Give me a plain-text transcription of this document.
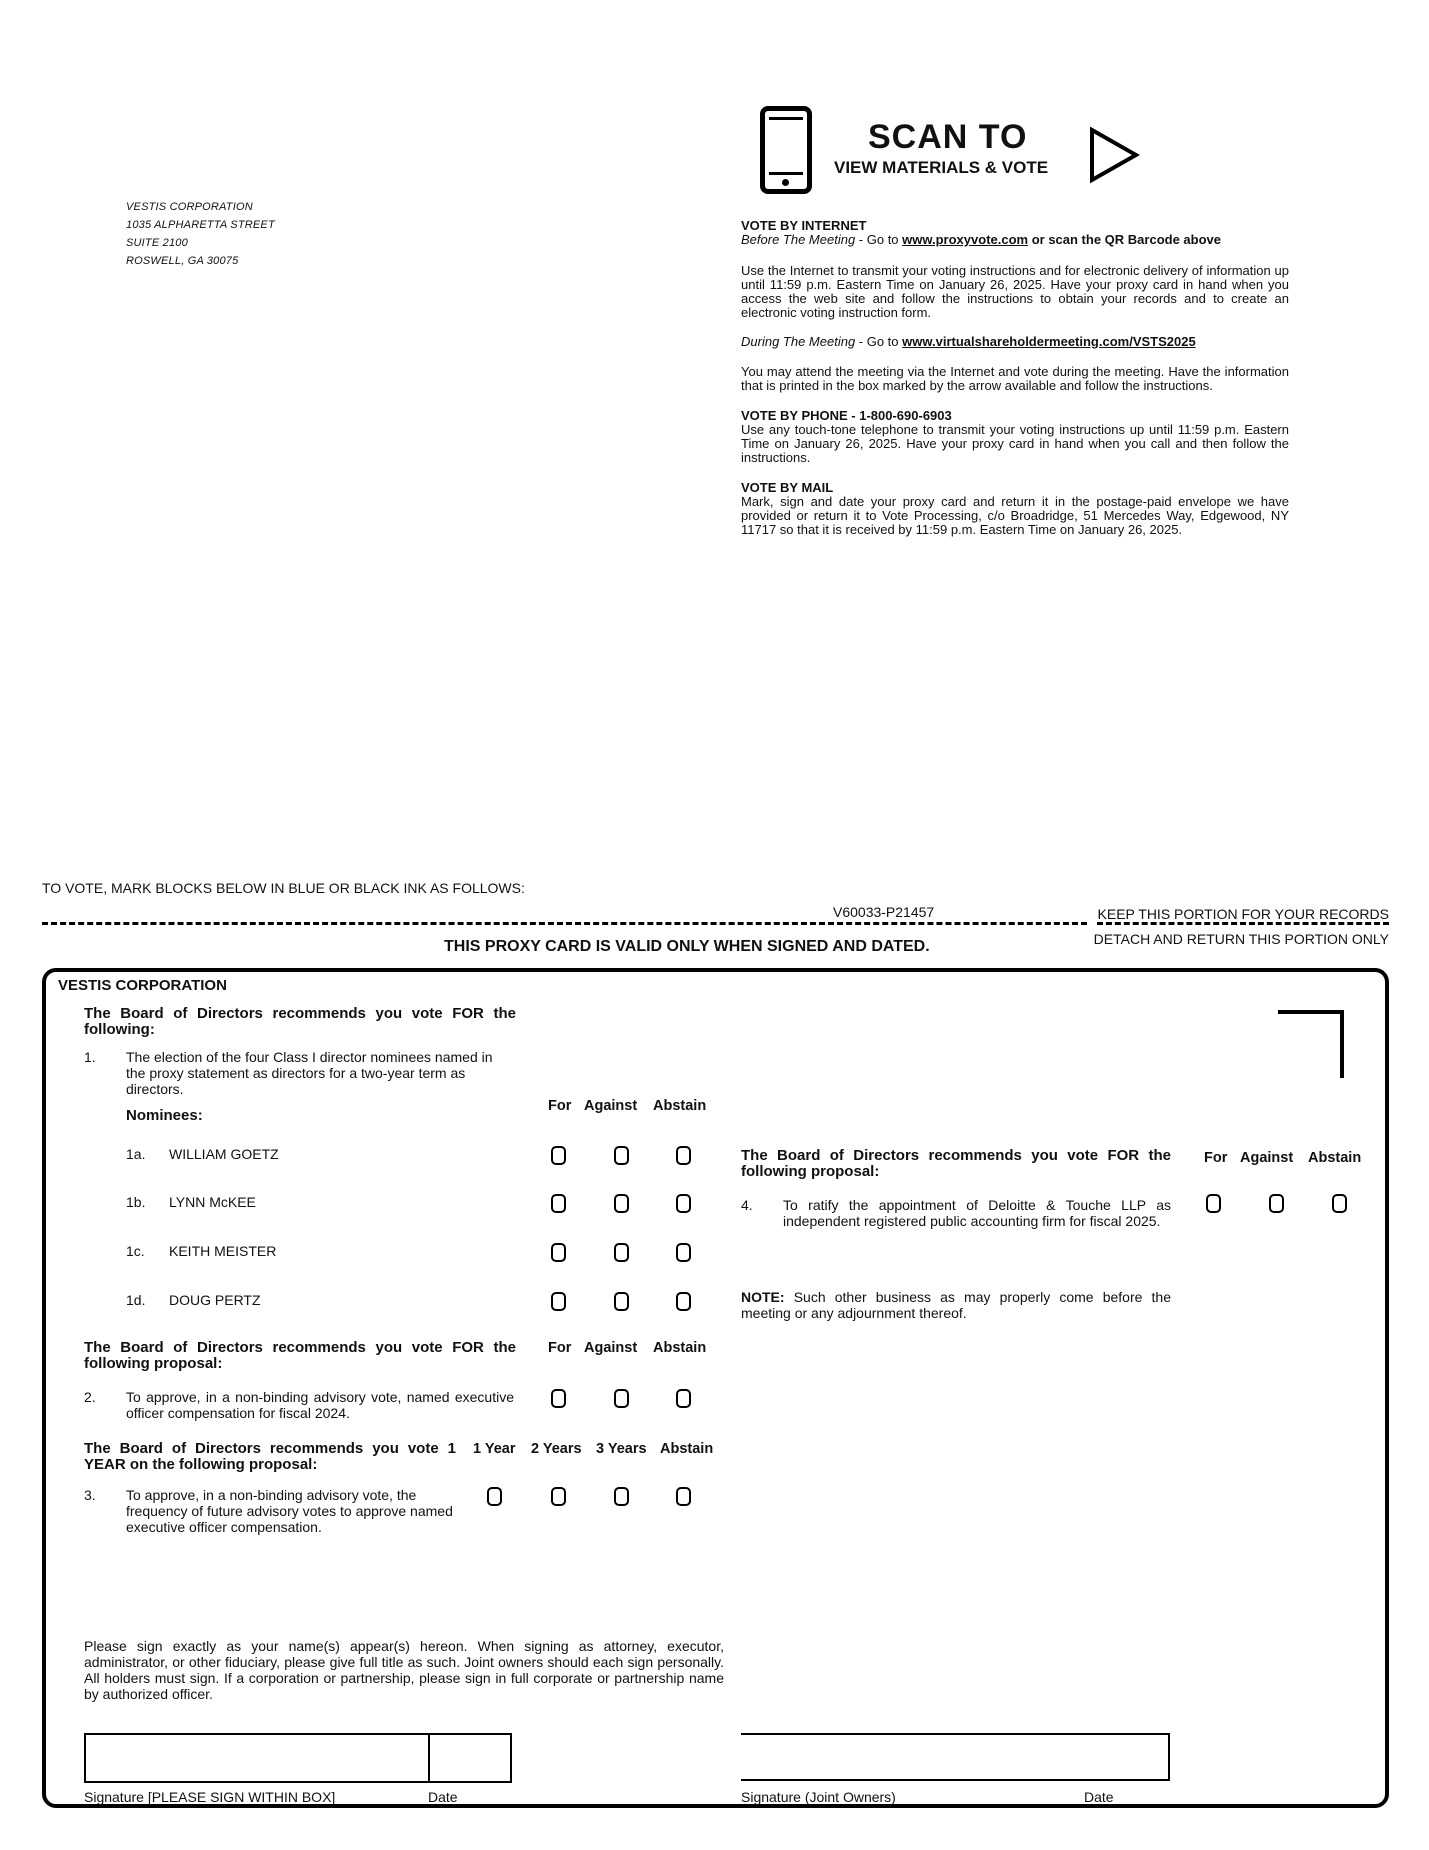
VESTIS CORPORATION
1035 ALPHARETTA STREET
SUITE 2100
ROSWELL, GA 30075
SCAN TO
VIEW MATERIALS & VOTE
VOTE BY INTERNET
Before The Meeting - Go to www.proxyvote.com or scan the QR Barcode above
Use the Internet to transmit your voting instructions and for electronic delivery of information up until 11:59 p.m. Eastern Time on January 26, 2025. Have your proxy card in hand when you access the web site and follow the instructions to obtain your records and to create an electronic voting instruction form.
During The Meeting - Go to www.virtualshareholdermeeting.com/VSTS2025
You may attend the meeting via the Internet and vote during the meeting. Have the information that is printed in the box marked by the arrow available and follow the instructions.
VOTE BY PHONE - 1-800-690-6903
Use any touch-tone telephone to transmit your voting instructions up until 11:59 p.m. Eastern Time on January 26, 2025. Have your proxy card in hand when you call and then follow the instructions.
VOTE BY MAIL
Mark, sign and date your proxy card and return it in the postage-paid envelope we have provided or return it to Vote Processing, c/o Broadridge, 51 Mercedes Way, Edgewood, NY 11717 so that it is received by 11:59 p.m. Eastern Time on January 26, 2025.
TO VOTE, MARK BLOCKS BELOW IN BLUE OR BLACK INK AS FOLLOWS:
V60033-P21457	KEEP THIS PORTION FOR YOUR RECORDS
DETACH AND RETURN THIS PORTION ONLY
THIS PROXY CARD IS VALID ONLY WHEN SIGNED AND DATED.
VESTIS CORPORATION
The Board of Directors recommends you vote FOR the following:
1. The election of the four Class I director nominees named in the proxy statement as directors for a two-year term as directors.
Nominees:
For Against Abstain
1a. WILLIAM GOETZ
1b. LYNN McKEE
1c. KEITH MEISTER
1d. DOUG PERTZ
The Board of Directors recommends you vote FOR the following proposal:
For Against Abstain
2. To approve, in a non-binding advisory vote, named executive officer compensation for fiscal 2024.
The Board of Directors recommends you vote 1 YEAR on the following proposal:
1 Year 2 Years 3 Years Abstain
3. To approve, in a non-binding advisory vote, the frequency of future advisory votes to approve named executive officer compensation.
The Board of Directors recommends you vote FOR the following proposal:
For Against Abstain
4. To ratify the appointment of Deloitte & Touche LLP as independent registered public accounting firm for fiscal 2025.
NOTE: Such other business as may properly come before the meeting or any adjournment thereof.
Please sign exactly as your name(s) appear(s) hereon. When signing as attorney, executor, administrator, or other fiduciary, please give full title as such. Joint owners should each sign personally. All holders must sign. If a corporation or partnership, please sign in full corporate or partnership name by authorized officer.
Signature [PLEASE SIGN WITHIN BOX]	Date	Signature (Joint Owners)	Date
